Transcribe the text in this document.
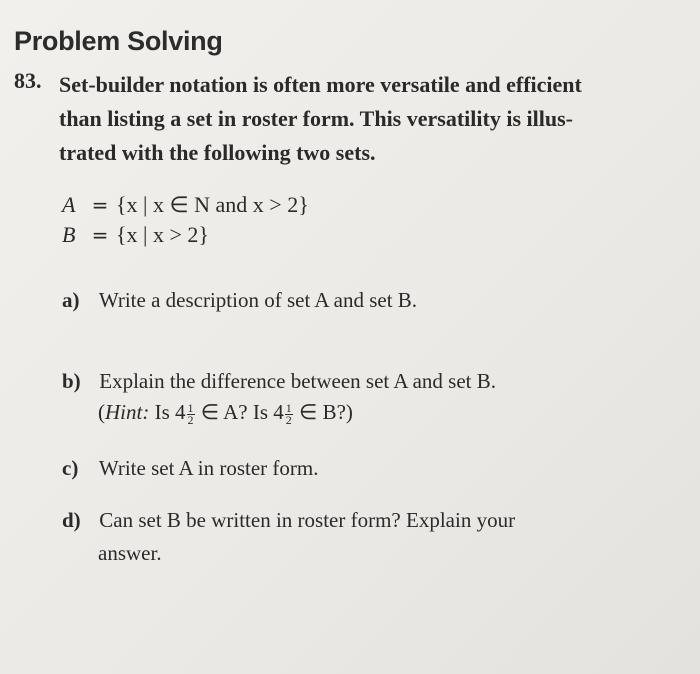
Problem Solving
83. Set-builder notation is often more versatile and efficient
than listing a set in roster form. This versatility is illus-
trated with the following two sets.

A = {x | x ∈ N and x > 2}
B = {x | x > 2}
a) Write a description of set A and set B.
b) Explain the difference between set A and set B.
(Hint: Is $4 \frac{1}{2}$ ∈ A? Is $4 \frac{1}{2}$ ∈ B?)
c) Write set A in roster form.
d) Can set B be written in roster form? Explain your
answer.
